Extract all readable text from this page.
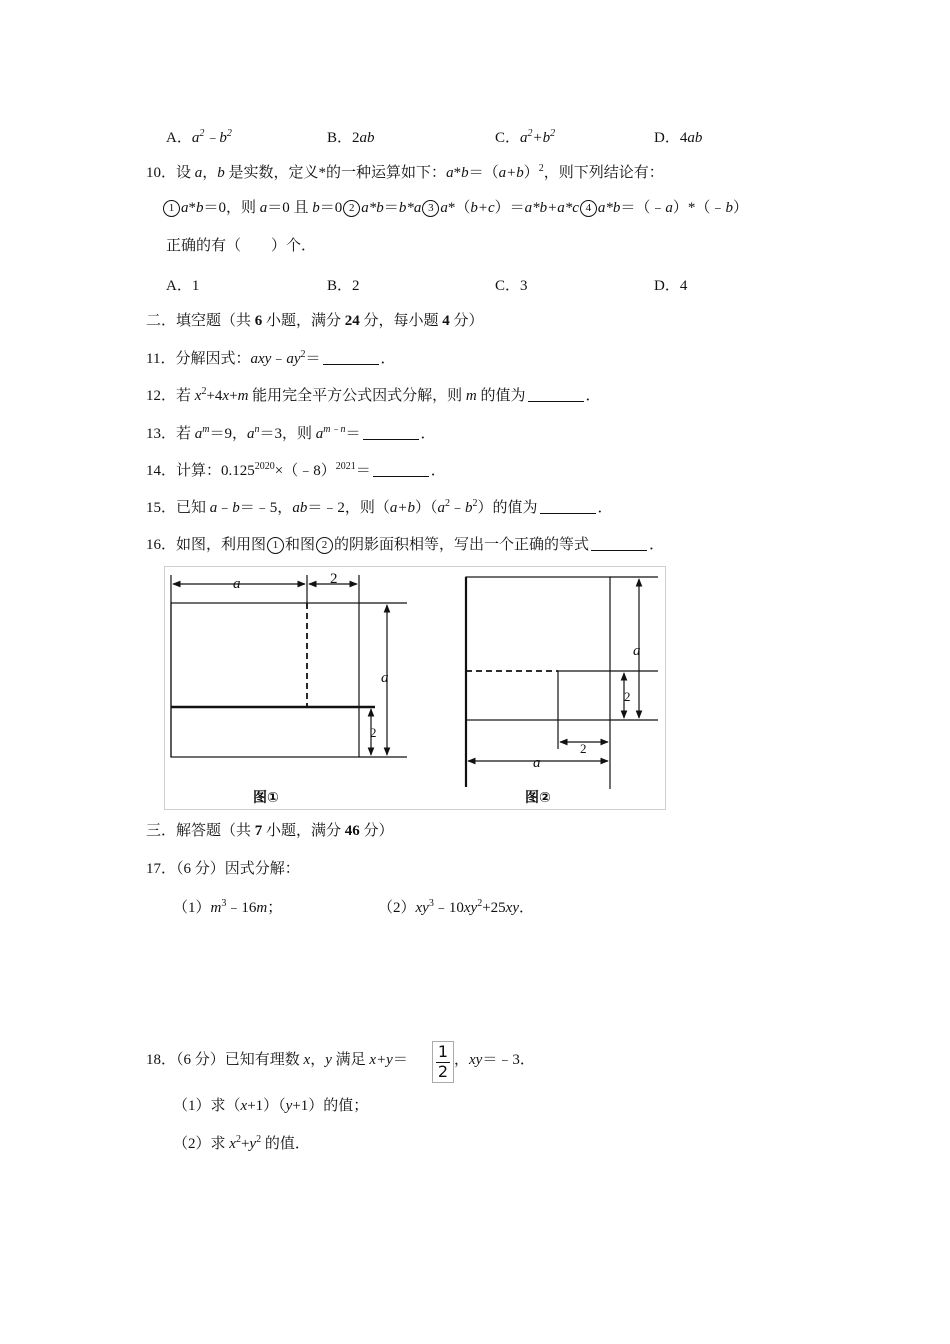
A．$a^2﹣b^2$	B．2ab	C．$a^2+b^2$	D．4ab
10．设 a，b 是实数，定义*的一种运算如下：$a*b=(a+b)^2$，则下列结论有：
1 a*b＝0，则 a＝0 且 b＝0 2 a*b＝b*a 3 a*（b+c）＝a*b+a*c 4 a*b＝（﹣a）*（﹣b）
正确的有（　　）个．
A．1	B．2	C．3	D．4
二．填空题（共 6 小题，满分 24 分，每小题 4 分）
11．分解因式：$axy﹣ay^2=$	．
12．若 $x^2+4x+m$ 能用完全平方公式因式分解，则 m 的值为	．
13．若 $a^m=9$，$a^n=3$，则 $a^{m﹣n}=$	．
14．计算：$0.125^{2020}\times(﹣8)^{2021}=$	．
15．已知 a﹣b＝﹣5，ab＝﹣2，则$(a+b)(a^2﹣b^2)$的值为	．
16．如图，利用图 1 和图 2 的阴影面积相等，写出一个正确的等式	．
a	2
a
2
a
2
2
a
图①	图②
三．解答题（共 7 小题，满分 46 分）
17．（6 分）因式分解：
$(1)m^3﹣16m$；	$(2)xy^3﹣10xy^2+25xy$．
18．（6 分）已知有理数 x，y 满足 x+y＝	1
2
，xy＝﹣3．
（1）求（x+1）（y+1）的值；
（2）求 $x^2+y^2$ 的值．
